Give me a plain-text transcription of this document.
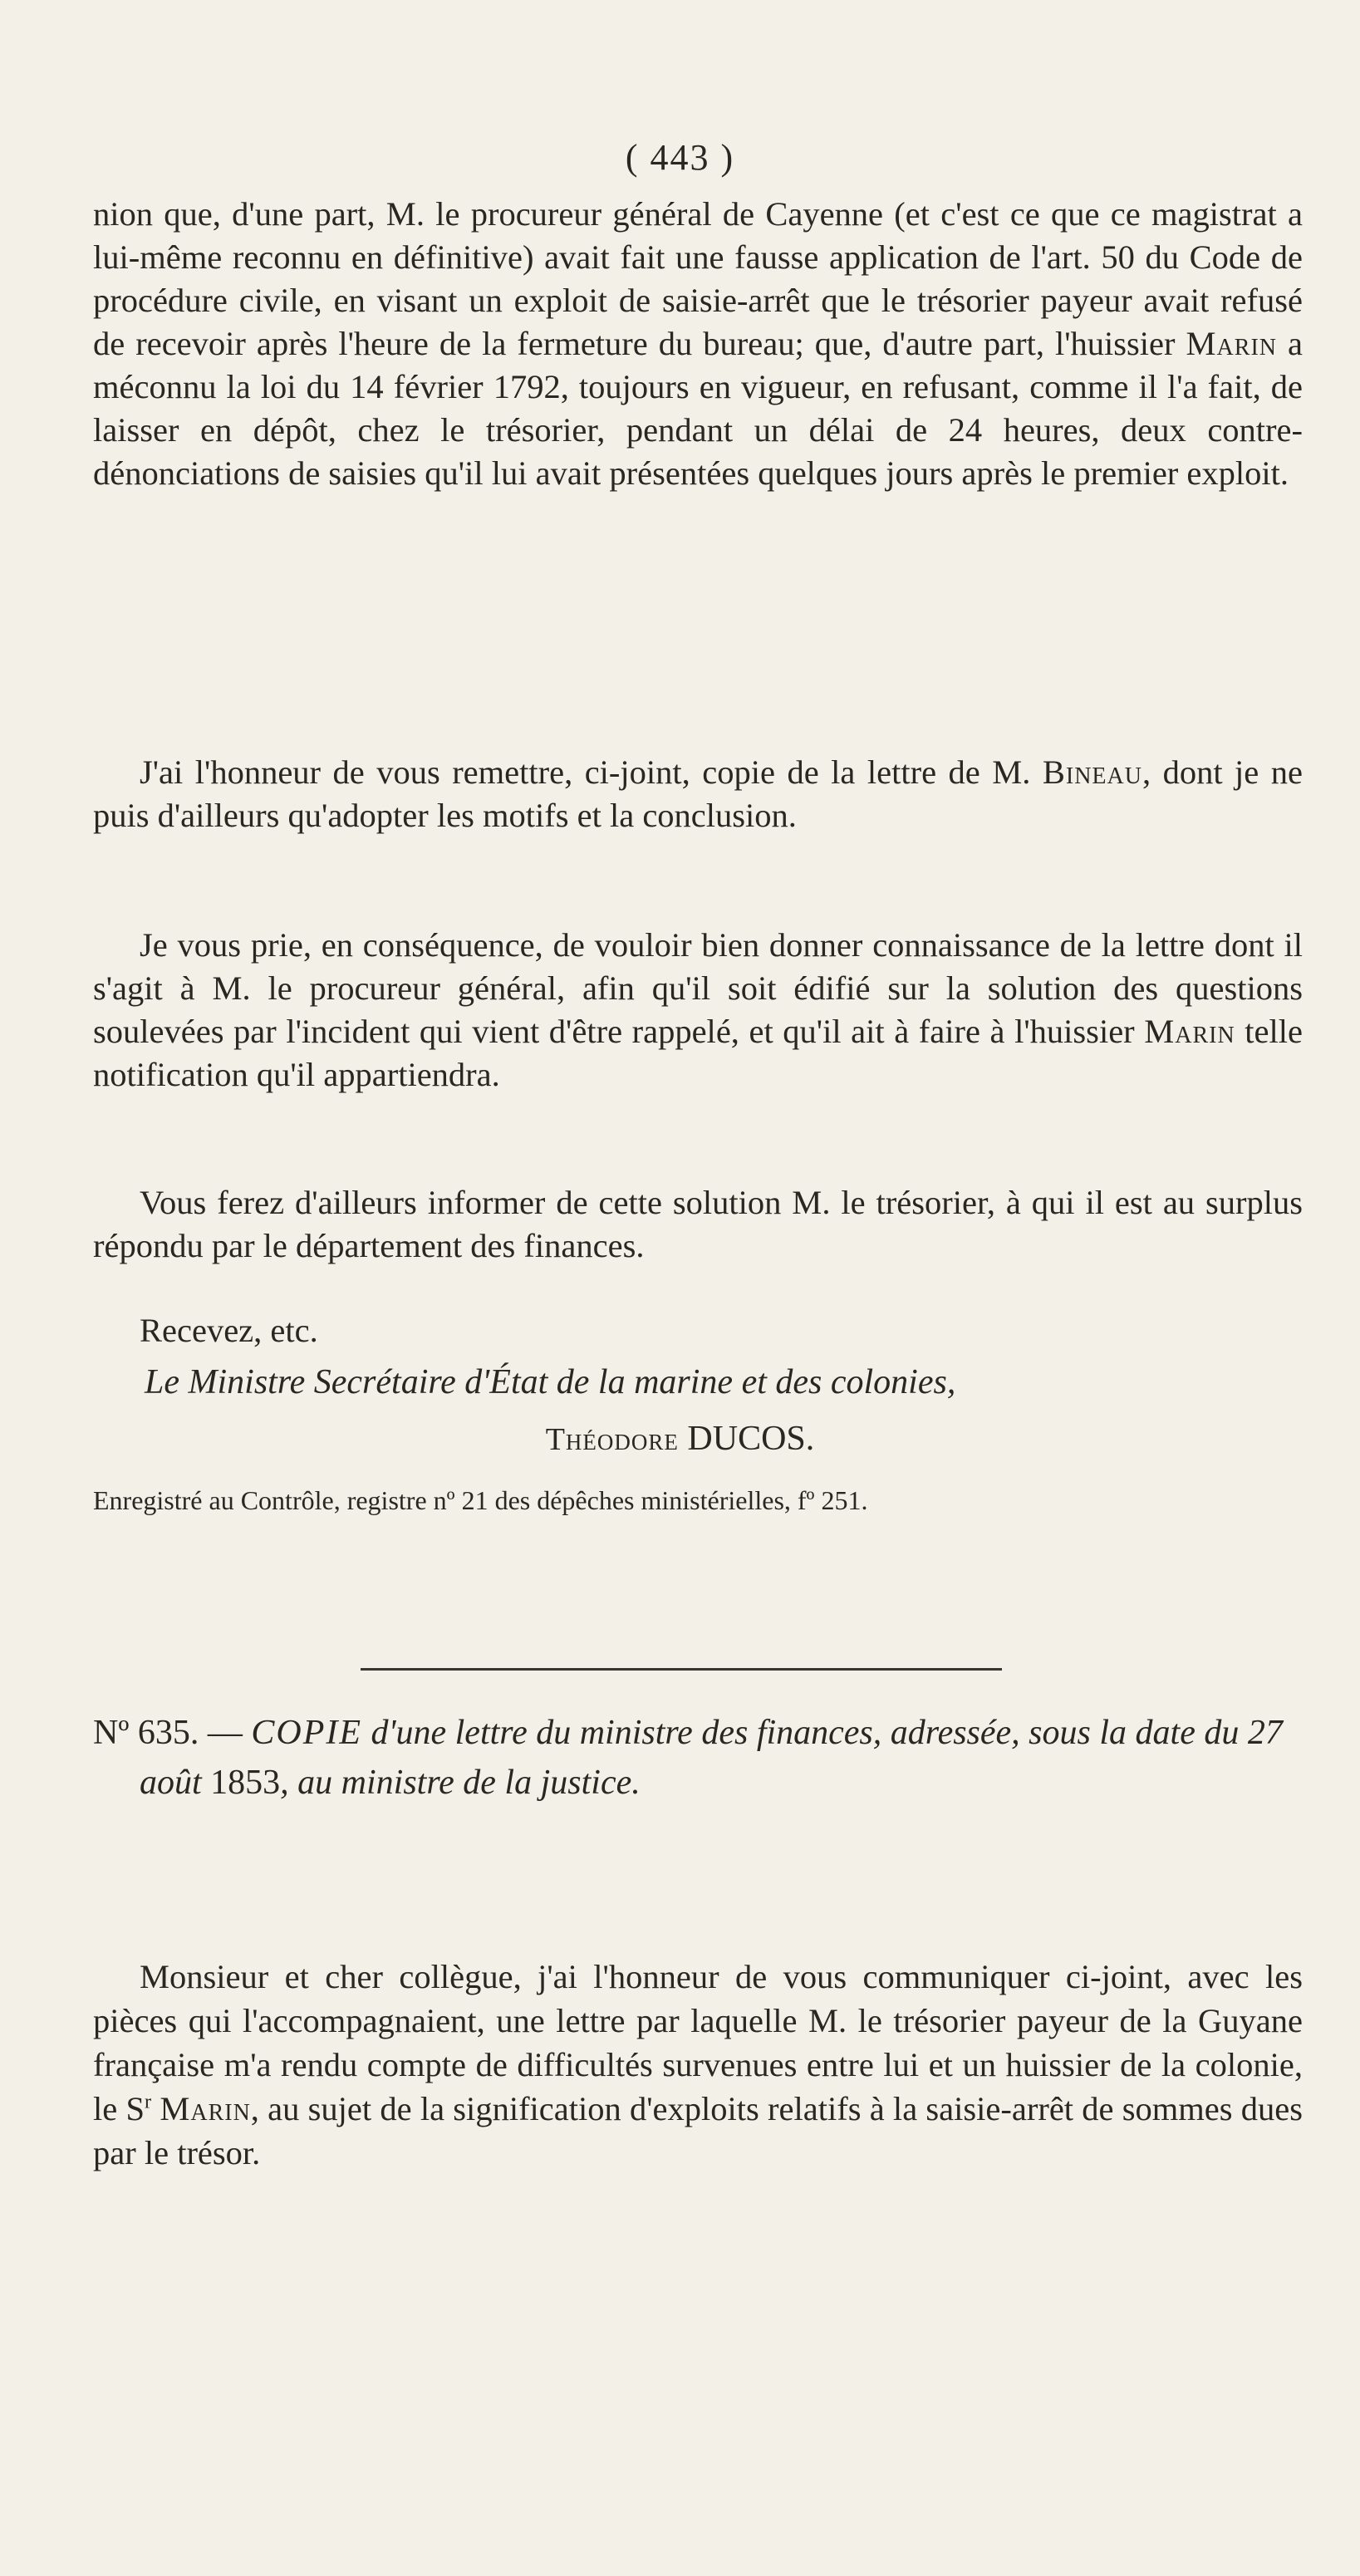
( 443 )

nion que, d'une part, M. le procureur général de Cayenne (et c'est ce que ce magistrat a lui-même reconnu en définitive) avait fait une fausse application de l'art. 50 du Code de procédure civile, en visant un exploit de saisie-arrêt que le trésorier payeur avait refusé de recevoir après l'heure de la fermeture du bureau; que, d'autre part, l'huissier Marin a méconnu la loi du 14 février 1792, toujours en vigueur, en refusant, comme il l'a fait, de laisser en dépôt, chez le trésorier, pendant un délai de 24 heures, deux contre-dénonciations de saisies qu'il lui avait présentées quelques jours après le premier exploit.

J'ai l'honneur de vous remettre, ci-joint, copie de la lettre de M. Bineau, dont je ne puis d'ailleurs qu'adopter les motifs et la conclusion.

Je vous prie, en conséquence, de vouloir bien donner connaissance de la lettre dont il s'agit à M. le procureur général, afin qu'il soit édifié sur la solution des questions soulevées par l'incident qui vient d'être rappelé, et qu'il ait à faire à l'huissier Marin telle notification qu'il appartiendra.

Vous ferez d'ailleurs informer de cette solution M. le trésorier, à qui il est au surplus répondu par le département des finances.

Recevez, etc.

Le Ministre Secrétaire d'État de la marine et des colonies,
Théodore DUCOS.
Enregistré au Contrôle, registre nº 21 des dépêches ministérielles, fº 251.
Nº 635. — COPIE d'une lettre du ministre des finances, adressée, sous la date du 27 août 1853, au ministre de la justice.

Monsieur et cher collègue, j'ai l'honneur de vous communiquer ci-joint, avec les pièces qui l'accompagnaient, une lettre par laquelle M. le trésorier payeur de la Guyane française m'a rendu compte de difficultés survenues entre lui et un huissier de la colonie, le $S^r$ Marin, au sujet de la signification d'exploits relatifs à la saisie-arrêt de sommes dues par le trésor.
